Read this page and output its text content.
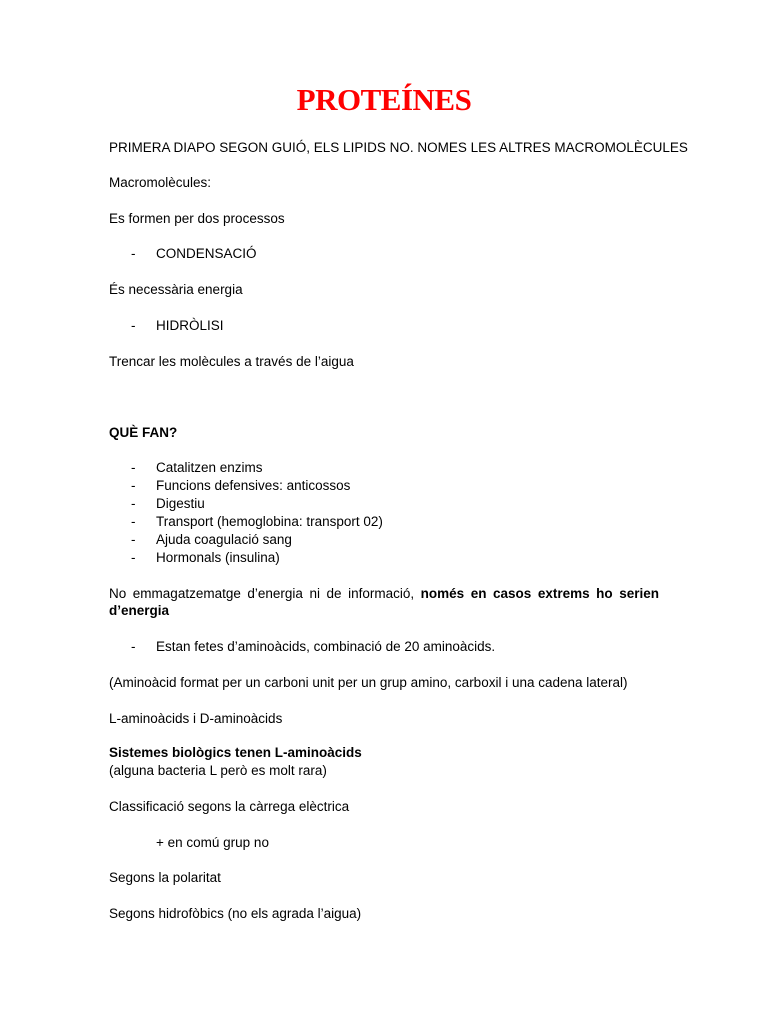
PROTEÍNES
PRIMERA DIAPO SEGON GUIÓ, ELS LIPIDS NO. NOMES LES ALTRES MACROMOLÈCULES
Macromolècules:
Es formen per dos processos
- CONDENSACIÓ
És necessària energia
- HIDRÒLISI
Trencar les molècules a través de l’aigua
QUÈ FAN?
- Catalitzen enzims
- Funcions defensives: anticossos
- Digestiu
- Transport (hemoglobina: transport 02)
- Ajuda coagulació sang
- Hormonals (insulina)
No emmagatzematge d’energia ni de informació, només en casos extrems ho serien
d’energia
- Estan fetes d’aminoàcids, combinació de 20 aminoàcids.
(Aminoàcid format per un carboni unit per un grup amino, carboxil i una cadena lateral)
L-aminoàcids i D-aminoàcids
Sistemes biològics tenen L-aminoàcids
(alguna bacteria L però es molt rara)
Classificació segons la càrrega elèctrica
+ en comú grup no
Segons la polaritat
Segons hidrofòbics (no els agrada l’aigua)
